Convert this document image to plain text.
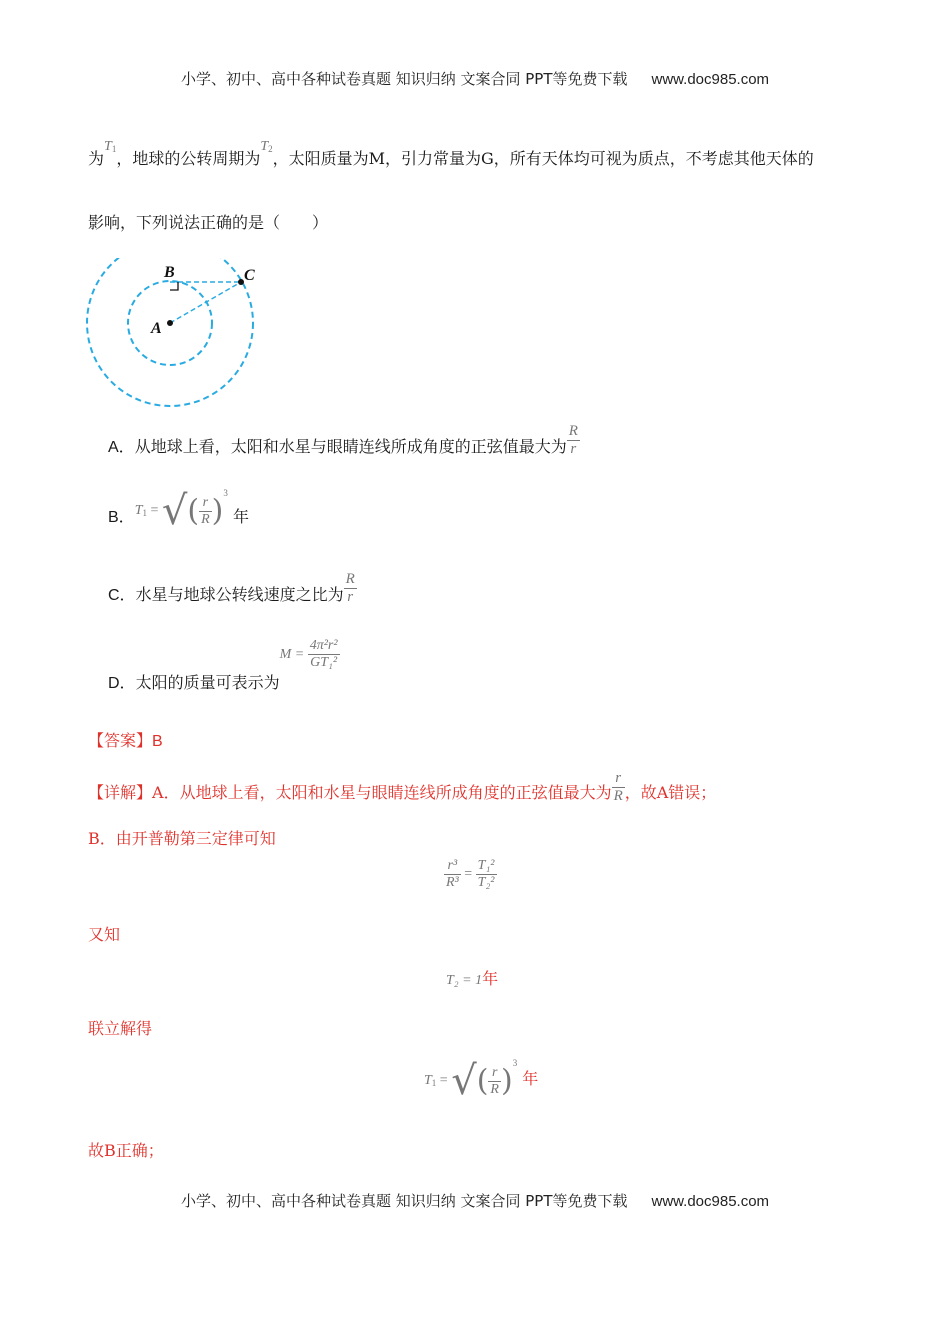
小学、初中、高中各种试卷真题 知识归纳 文案合同 PPT等免费下载 www.doc985.com
为$T_1$，地球的公转周期为$T_2$，太阳质量为M，引力常量为G，所有天体均可视为质点，不考虑其他天体的
影响，下列说法正确的是（　　）
A
B	C
A．从地球上看，太阳和水星与眼睛连线所成角度的正弦值最大为 $\frac{R}{r}$
B．$T_1$ = √( $\frac{r}{R} )^3$ 年
C．水星与地球公转线速度之比为 $\frac{R}{r}$
D．太阳的质量可表示为$M = \frac{\text{4π²r²}}{\text{GT₁²}}$
【答案】B
【详解】A．从地球上看，太阳和水星与眼睛连线所成角度的正弦值最大为 $\frac{r}{R}$ ，故A错误；
B．由开普勒第三定律可知
$\frac{\text{r³}}{\text{R³}} = \frac{\text{T₁²}}{\text{T₂²}}$
又知
T₂ = 1年
联立解得
$T_1$ = √( $\frac{r}{R} )^3$ 年
故B正确；
小学、初中、高中各种试卷真题 知识归纳 文案合同 PPT等免费下载 www.doc985.com
